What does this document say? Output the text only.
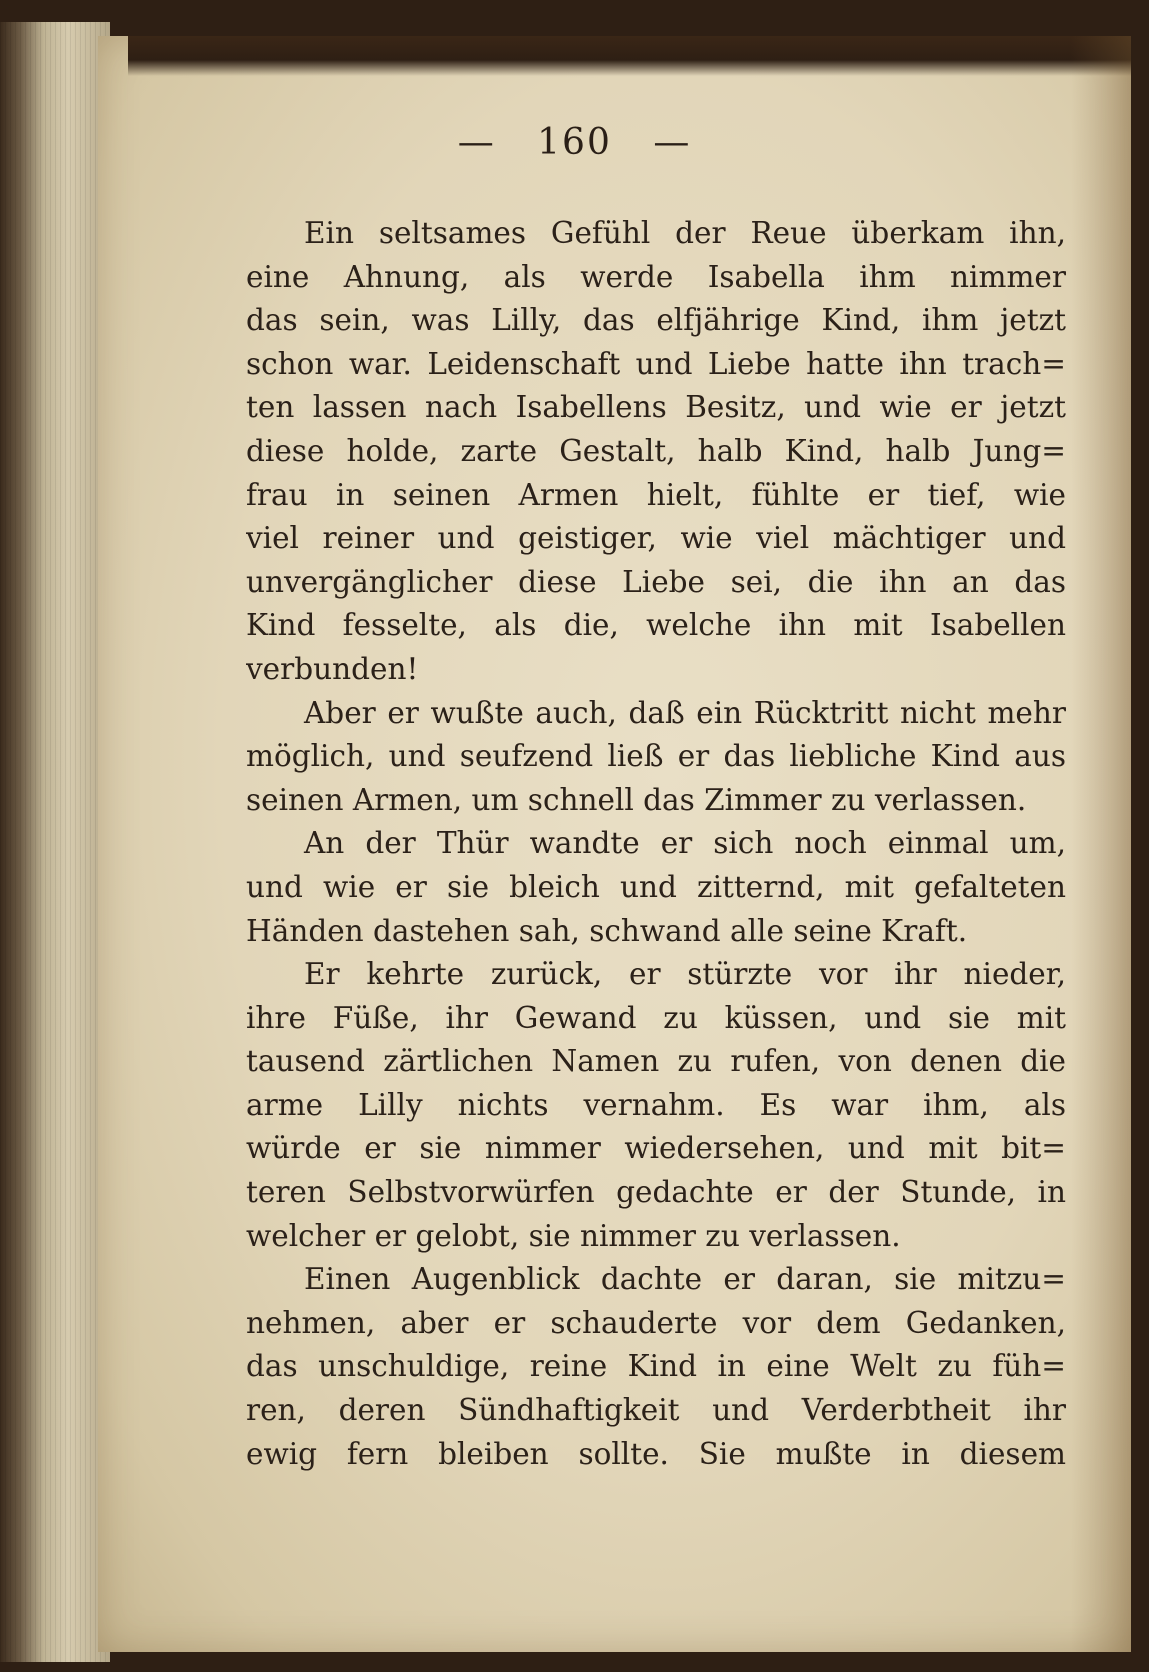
— 160 —
Ein seltsames Gefühl der Reue überkam ihn,
eine Ahnung, als werde Isabella ihm nimmer
das sein, was Lilly, das elfjährige Kind, ihm jetzt
schon war. Leidenschaft und Liebe hatte ihn trach=
ten lassen nach Isabellens Besitz, und wie er jetzt
diese holde, zarte Gestalt, halb Kind, halb Jung=
frau in seinen Armen hielt, fühlte er tief, wie
viel reiner und geistiger, wie viel mächtiger und
unvergänglicher diese Liebe sei, die ihn an das
Kind fesselte, als die, welche ihn mit Isabellen
verbunden!
Aber er wußte auch, daß ein Rücktritt nicht mehr
möglich, und seufzend ließ er das liebliche Kind aus
seinen Armen, um schnell das Zimmer zu verlassen.
An der Thür wandte er sich noch einmal um,
und wie er sie bleich und zitternd, mit gefalteten
Händen dastehen sah, schwand alle seine Kraft.
Er kehrte zurück, er stürzte vor ihr nieder,
ihre Füße, ihr Gewand zu küssen, und sie mit
tausend zärtlichen Namen zu rufen, von denen die
arme Lilly nichts vernahm. Es war ihm, als
würde er sie nimmer wiedersehen, und mit bit=
teren Selbstvorwürfen gedachte er der Stunde, in
welcher er gelobt, sie nimmer zu verlassen.
Einen Augenblick dachte er daran, sie mitzu=
nehmen, aber er schauderte vor dem Gedanken,
das unschuldige, reine Kind in eine Welt zu füh=
ren, deren Sündhaftigkeit und Verderbtheit ihr
ewig fern bleiben sollte. Sie mußte in diesem
